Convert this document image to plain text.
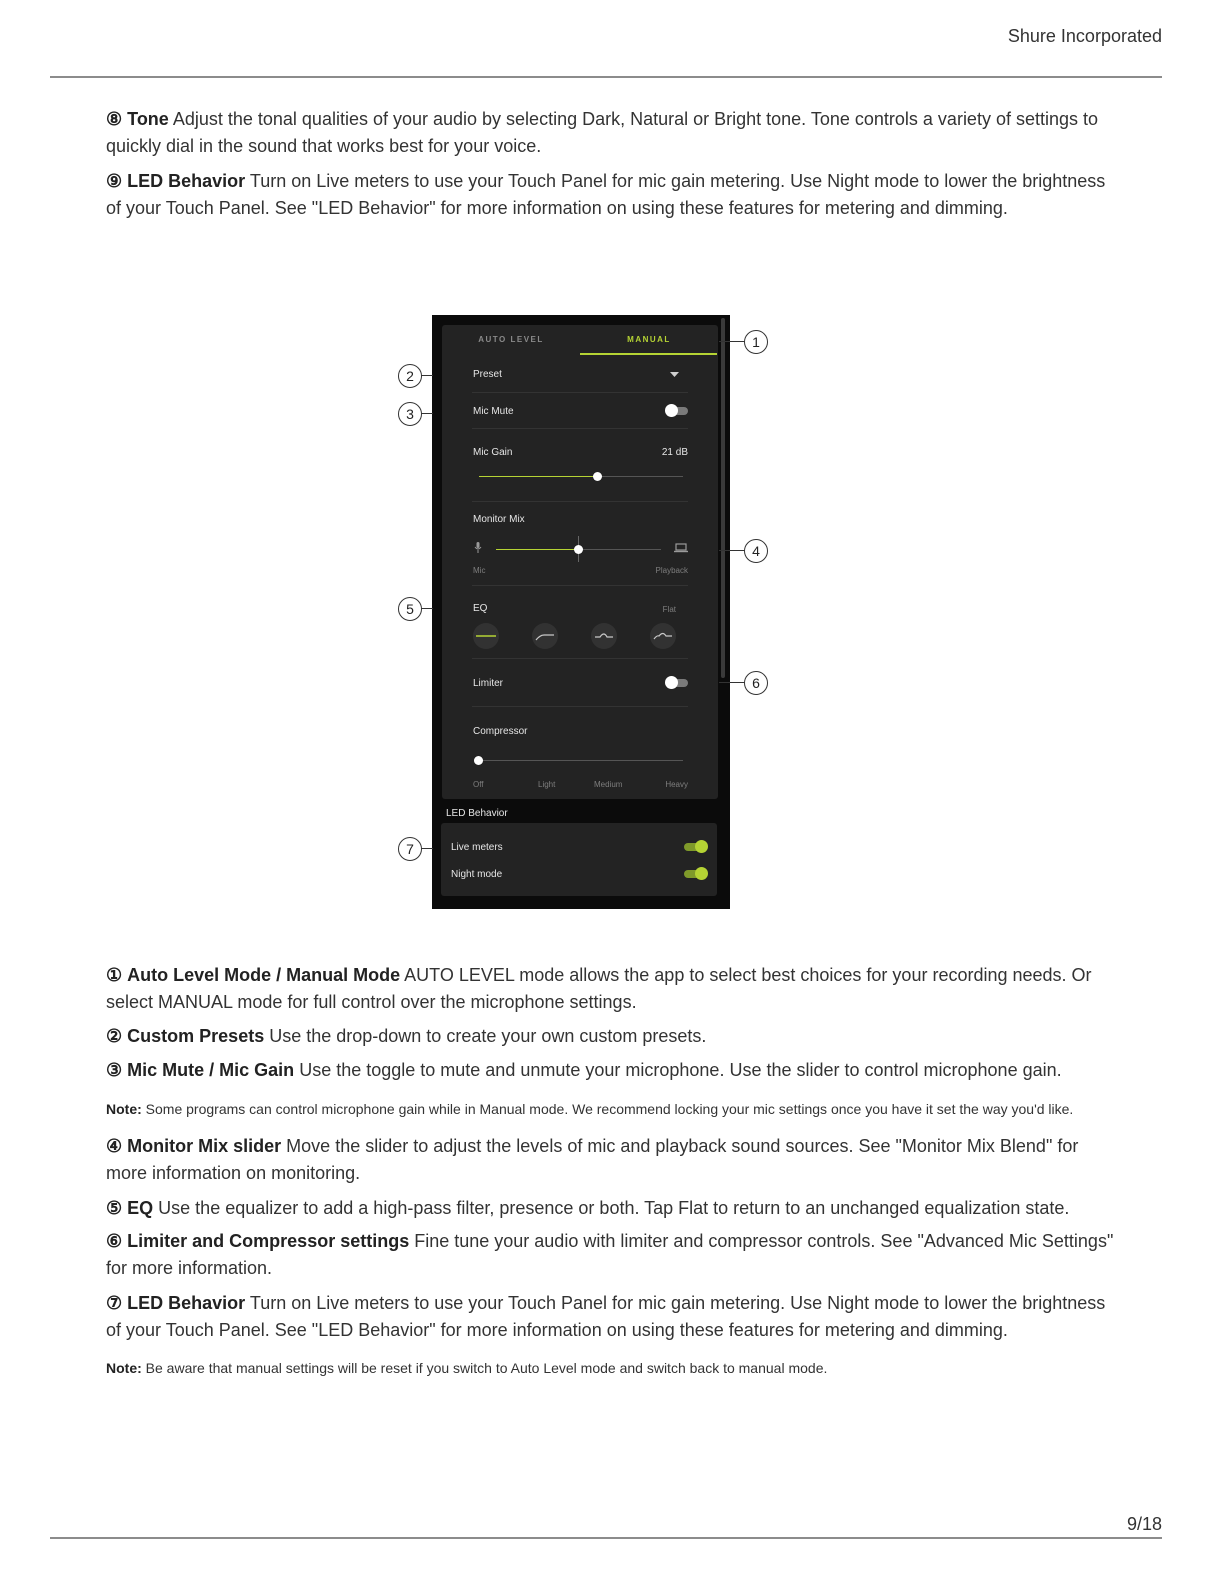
Shure Incorporated

⑧ Tone Adjust the tonal qualities of your audio by selecting Dark, Natural or Bright tone. Tone controls a variety of settings to quickly dial in the sound that works best for your voice.

⑨ LED Behavior Turn on Live meters to use your Touch Panel for mic gain metering. Use Night mode to lower the brightness of your Touch Panel. See "LED Behavior" for more information on using these features for metering and dimming.

AUTO LEVEL	MANUAL
Preset
Mic Mute
Mic Gain	21 dB
Monitor Mix
Mic	Playback
EQ	Flat
Limiter
Compressor
Off	Light	Medium	Heavy
LED Behavior
Live meters
Night mode
1
2
3
4
5
6
7

① Auto Level Mode / Manual Mode AUTO LEVEL mode allows the app to select best choices for your recording needs. Or select MANUAL mode for full control over the microphone settings.

② Custom Presets Use the drop-down to create your own custom presets.

③ Mic Mute / Mic Gain Use the toggle to mute and unmute your microphone. Use the slider to control microphone gain.

Note: Some programs can control microphone gain while in Manual mode. We recommend locking your mic settings once you have it set the way you'd like.

④ Monitor Mix slider Move the slider to adjust the levels of mic and playback sound sources. See "Monitor Mix Blend" for more information on monitoring.

⑤ EQ Use the equalizer to add a high-pass filter, presence or both. Tap Flat to return to an unchanged equalization state.

⑥ Limiter and Compressor settings Fine tune your audio with limiter and compressor controls. See "Advanced Mic Settings" for more information.

⑦ LED Behavior Turn on Live meters to use your Touch Panel for mic gain metering. Use Night mode to lower the brightness of your Touch Panel. See "LED Behavior" for more information on using these features for metering and dimming.

Note: Be aware that manual settings will be reset if you switch to Auto Level mode and switch back to manual mode.

9/18
